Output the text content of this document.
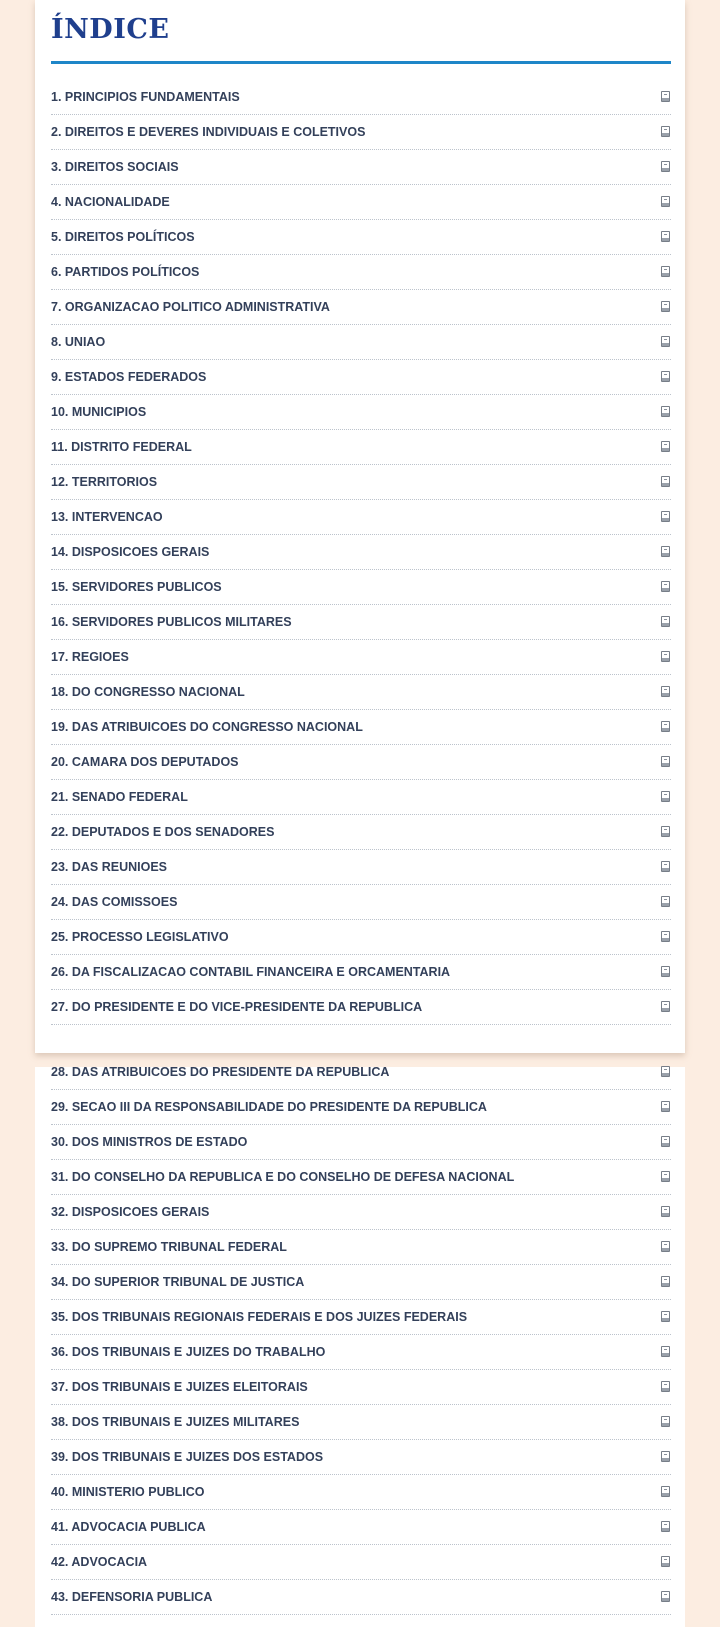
ÍNDICE
1. PRINCIPIOS FUNDAMENTAIS
2. DIREITOS E DEVERES INDIVIDUAIS E COLETIVOS
3. DIREITOS SOCIAIS
4. NACIONALIDADE
5. DIREITOS POLÍTICOS
6. PARTIDOS POLÍTICOS
7. ORGANIZACAO POLITICO ADMINISTRATIVA
8. UNIAO
9. ESTADOS FEDERADOS
10. MUNICIPIOS
11. DISTRITO FEDERAL
12. TERRITORIOS
13. INTERVENCAO
14. DISPOSICOES GERAIS
15. SERVIDORES PUBLICOS
16. SERVIDORES PUBLICOS MILITARES
17. REGIOES
18. DO CONGRESSO NACIONAL
19. DAS ATRIBUICOES DO CONGRESSO NACIONAL
20. CAMARA DOS DEPUTADOS
21. SENADO FEDERAL
22. DEPUTADOS E DOS SENADORES
23. DAS REUNIOES
24. DAS COMISSOES
25. PROCESSO LEGISLATIVO
26. DA FISCALIZACAO CONTABIL FINANCEIRA E ORCAMENTARIA
27. DO PRESIDENTE E DO VICE-PRESIDENTE DA REPUBLICA
28. DAS ATRIBUICOES DO PRESIDENTE DA REPUBLICA
29. SECAO III DA RESPONSABILIDADE DO PRESIDENTE DA REPUBLICA
30. DOS MINISTROS DE ESTADO
31. DO CONSELHO DA REPUBLICA E DO CONSELHO DE DEFESA NACIONAL
32. DISPOSICOES GERAIS
33. DO SUPREMO TRIBUNAL FEDERAL
34. DO SUPERIOR TRIBUNAL DE JUSTICA
35. DOS TRIBUNAIS REGIONAIS FEDERAIS E DOS JUIZES FEDERAIS
36. DOS TRIBUNAIS E JUIZES DO TRABALHO
37. DOS TRIBUNAIS E JUIZES ELEITORAIS
38. DOS TRIBUNAIS E JUIZES MILITARES
39. DOS TRIBUNAIS E JUIZES DOS ESTADOS
40. MINISTERIO PUBLICO
41. ADVOCACIA PUBLICA
42. ADVOCACIA
43. DEFENSORIA PUBLICA
